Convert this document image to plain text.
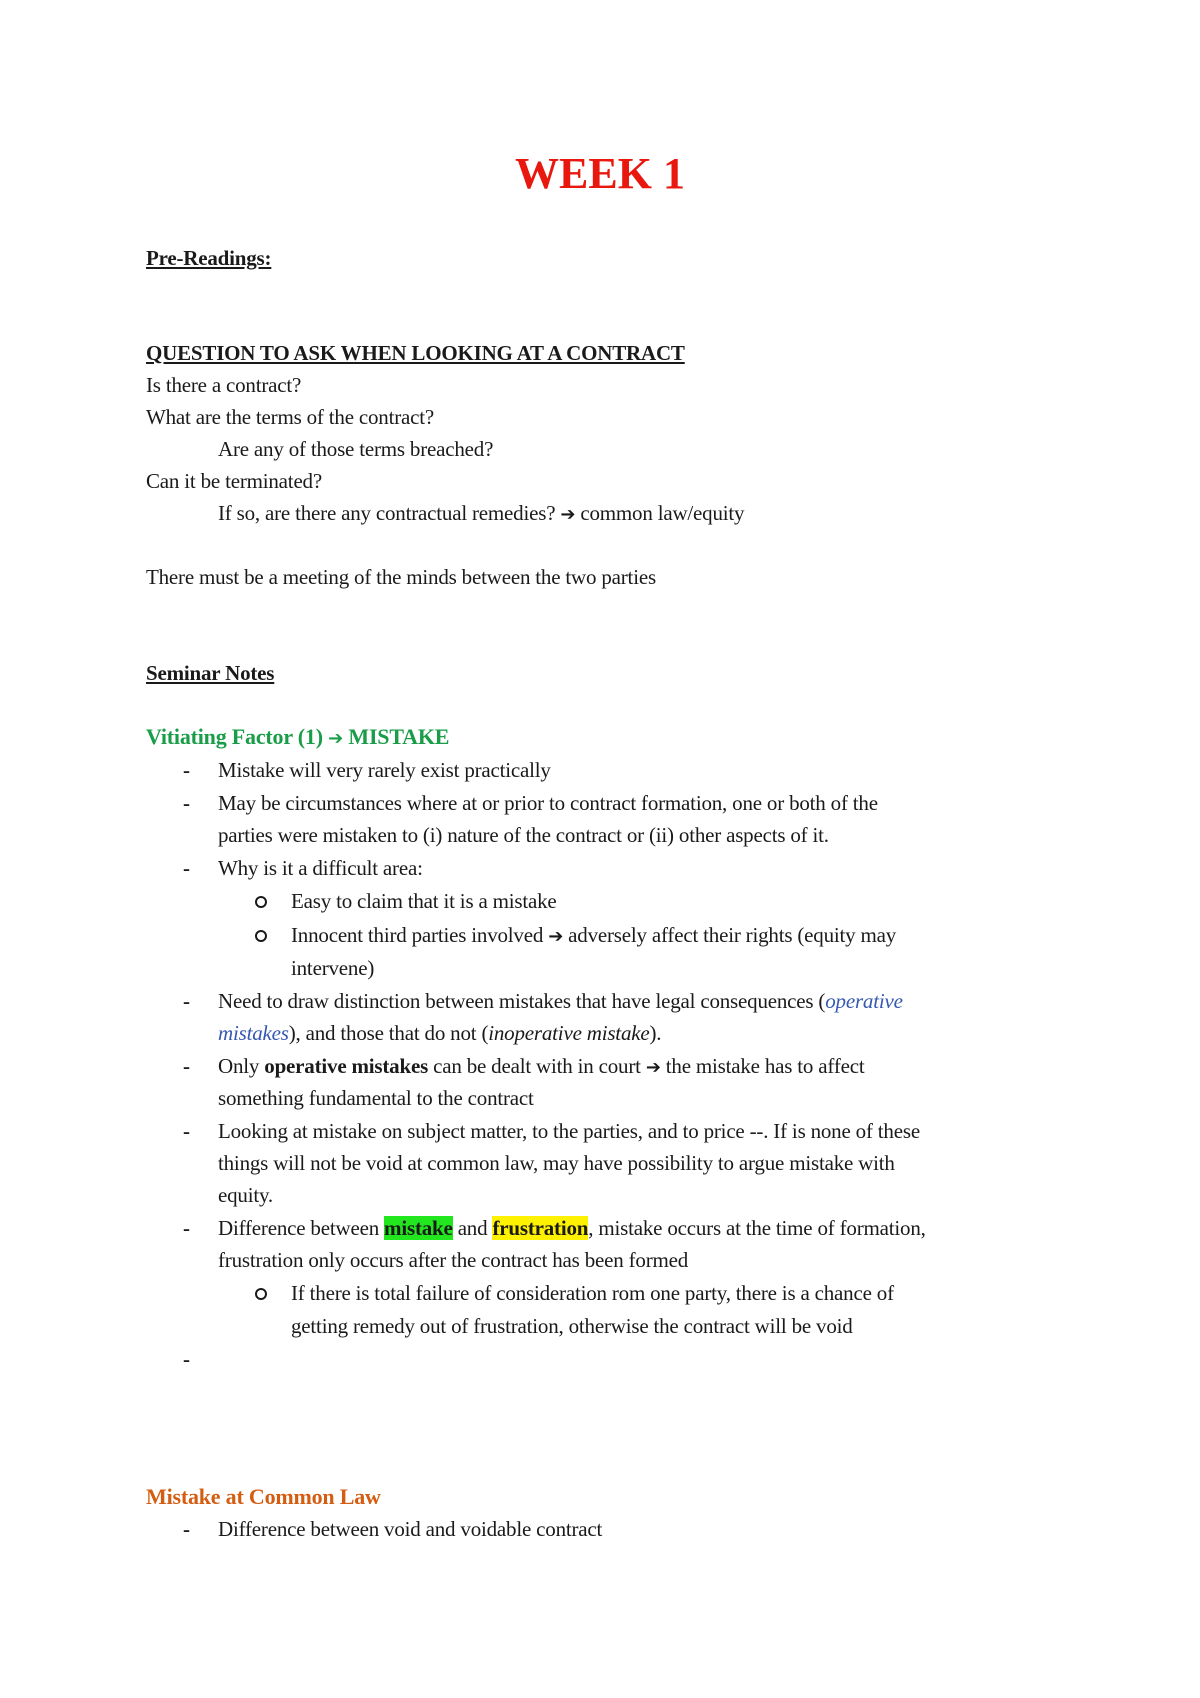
WEEK 1
Pre-Readings:
QUESTION TO ASK WHEN LOOKING AT A CONTRACT
Is there a contract?
What are the terms of the contract?
Are any of those terms breached?
Can it be terminated?
If so, are there any contractual remedies? ➔ common law/equity
There must be a meeting of the minds between the two parties
Seminar Notes
Vitiating Factor (1) ➔ MISTAKE
- Mistake will very rarely exist practically
- May be circumstances where at or prior to contract formation, one or both of the
parties were mistaken to (i) nature of the contract or (ii) other aspects of it.
- Why is it a difficult area:
Easy to claim that it is a mistake
Innocent third parties involved ➔ adversely affect their rights (equity may
intervene)
- Need to draw distinction between mistakes that have legal consequences (operative
mistakes), and those that do not (inoperative mistake).
- Only operative mistakes can be dealt with in court ➔ the mistake has to affect
something fundamental to the contract
- Looking at mistake on subject matter, to the parties, and to price --. If is none of these
things will not be void at common law, may have possibility to argue mistake with
equity.
- Difference between mistake and frustration, mistake occurs at the time of formation,
frustration only occurs after the contract has been formed
If there is total failure of consideration rom one party, there is a chance of
getting remedy out of frustration, otherwise the contract will be void
-
Mistake at Common Law
- Difference between void and voidable contract
